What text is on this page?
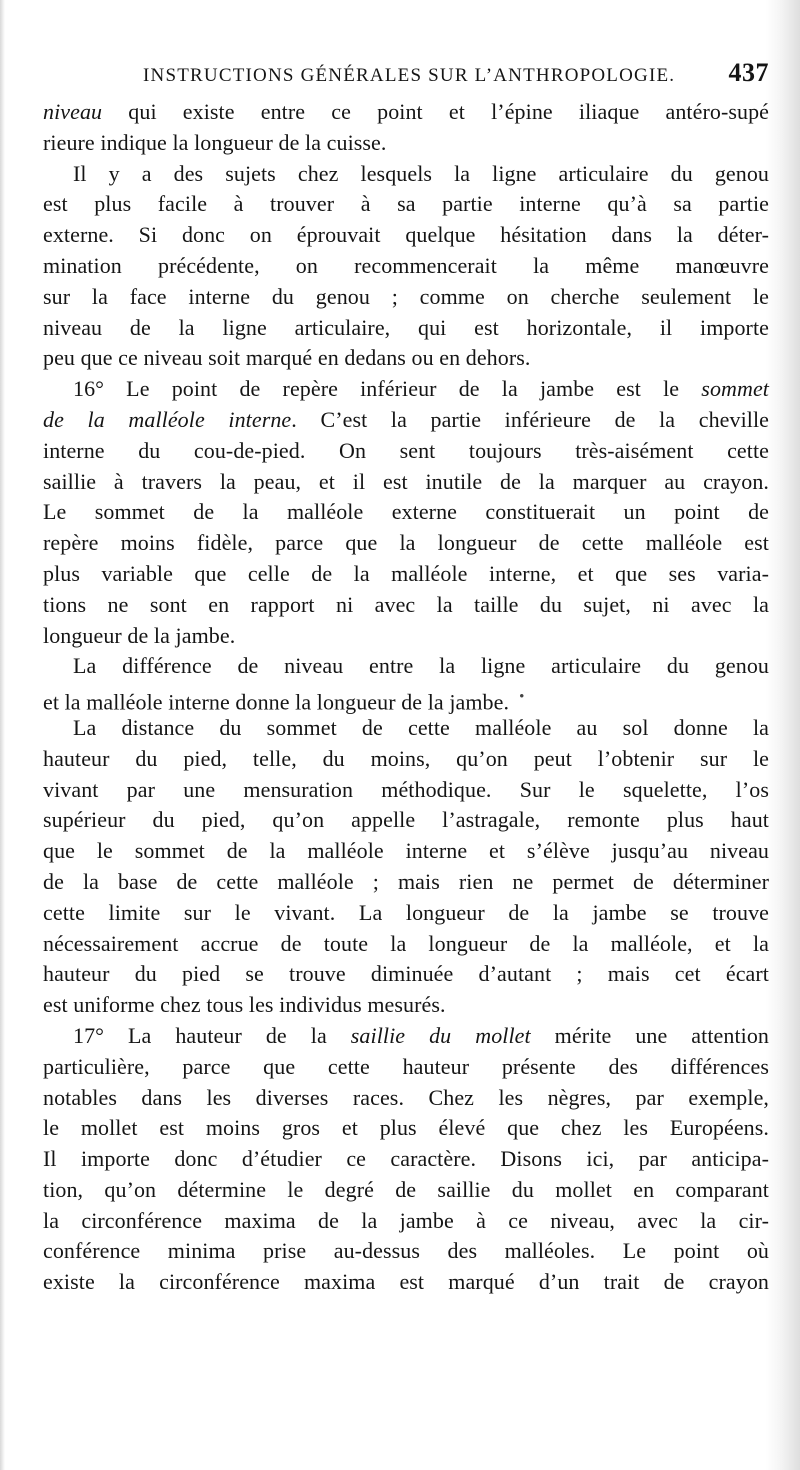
INSTRUCTIONS GÉNÉRALES SUR L’ANTHROPOLOGIE. 437
niveau qui existe entre ce point et l’épine iliaque antéro-supé
rieure indique la longueur de la cuisse.
Il y a des sujets chez lesquels la ligne articulaire du genou
est plus facile à trouver à sa partie interne qu’à sa partie
externe. Si donc on éprouvait quelque hésitation dans la déter-
mination précédente, on recommencerait la même manœuvre
sur la face interne du genou ; comme on cherche seulement le
niveau de la ligne articulaire, qui est horizontale, il importe
peu que ce niveau soit marqué en dedans ou en dehors.
16° Le point de repère inférieur de la jambe est le sommet
de la malléole interne. C’est la partie inférieure de la cheville
interne du cou-de-pied. On sent toujours très-aisément cette
saillie à travers la peau, et il est inutile de la marquer au crayon.
Le sommet de la malléole externe constituerait un point de
repère moins fidèle, parce que la longueur de cette malléole est
plus variable que celle de la malléole interne, et que ses varia-
tions ne sont en rapport ni avec la taille du sujet, ni avec la
longueur de la jambe.
La différence de niveau entre la ligne articulaire du genou
et la malléole interne donne la longueur de la jambe. •
La distance du sommet de cette malléole au sol donne la
hauteur du pied, telle, du moins, qu’on peut l’obtenir sur le
vivant par une mensuration méthodique. Sur le squelette, l’os
supérieur du pied, qu’on appelle l’astragale, remonte plus haut
que le sommet de la malléole interne et s’élève jusqu’au niveau
de la base de cette malléole ; mais rien ne permet de déterminer
cette limite sur le vivant. La longueur de la jambe se trouve
nécessairement accrue de toute la longueur de la malléole, et la
hauteur du pied se trouve diminuée d’autant ; mais cet écart
est uniforme chez tous les individus mesurés.
17° La hauteur de la saillie du mollet mérite une attention
particulière, parce que cette hauteur présente des différences
notables dans les diverses races. Chez les nègres, par exemple,
le mollet est moins gros et plus élevé que chez les Européens.
Il importe donc d’étudier ce caractère. Disons ici, par anticipa-
tion, qu’on détermine le degré de saillie du mollet en comparant
la circonférence maxima de la jambe à ce niveau, avec la cir-
conférence minima prise au-dessus des malléoles. Le point où
existe la circonférence maxima est marqué d’un trait de crayon
